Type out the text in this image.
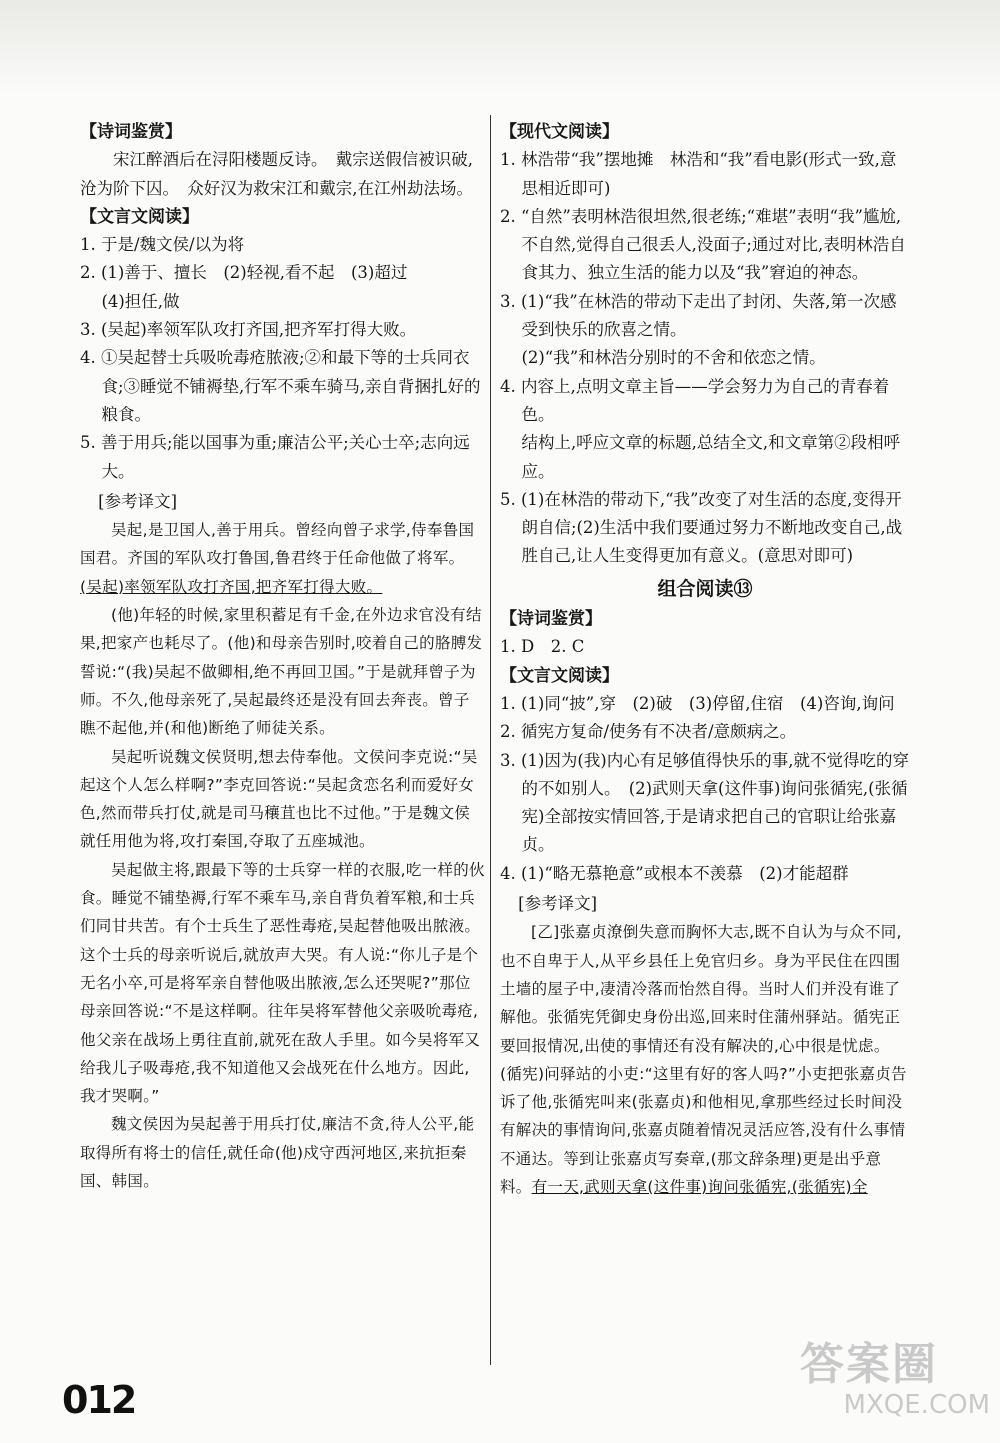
【诗词鉴赏】

宋江醉酒后在浔阳楼题反诗。　戴宗送假信被识破,沧为阶下囚。　众好汉为救宋江和戴宗,在江州劫法场。

【文言文阅读】

1. 于是/魏文侯/以为将

2. (1)善于、擅长　(2)轻视,看不起　(3)超过

(4)担任,做

3. (吴起)率领军队攻打齐国,把齐军打得大败。

4. ①吴起替士兵吸吮毒疮脓液;②和最下等的士兵同衣食;③睡觉不铺褥垫,行军不乘车骑马,亲自背捆扎好的粮食。

5. 善于用兵;能以国事为重;廉洁公平;关心士卒;志向远大。

[参考译文]

吴起,是卫国人,善于用兵。曾经向曾子求学,侍奉鲁国国君。齐国的军队攻打鲁国,鲁君终于任命他做了将军。(吴起)率领军队攻打齐国,把齐军打得大败。

(他)年轻的时候,家里积蓄足有千金,在外边求官没有结果,把家产也耗尽了。(他)和母亲告别时,咬着自己的胳膊发誓说:“(我)吴起不做卿相,绝不再回卫国。”于是就拜曾子为师。不久,他母亲死了,吴起最终还是没有回去奔丧。曾子瞧不起他,并(和他)断绝了师徒关系。

吴起听说魏文侯贤明,想去侍奉他。文侯问李克说:“吴起这个人怎么样啊?”李克回答说:“吴起贪恋名利而爱好女色,然而带兵打仗,就是司马穰苴也比不过他。”于是魏文侯就任用他为将,攻打秦国,夺取了五座城池。

吴起做主将,跟最下等的士兵穿一样的衣服,吃一样的伙食。睡觉不铺垫褥,行军不乘车马,亲自背负着军粮,和士兵们同甘共苦。有个士兵生了恶性毒疮,吴起替他吸出脓液。这个士兵的母亲听说后,就放声大哭。有人说:“你儿子是个无名小卒,可是将军亲自替他吸出脓液,怎么还哭呢?”那位母亲回答说:“不是这样啊。往年吴将军替他父亲吸吮毒疮,他父亲在战场上勇往直前,就死在敌人手里。如今吴将军又给我儿子吸毒疮,我不知道他又会战死在什么地方。因此,我才哭啊。”

魏文侯因为吴起善于用兵打仗,廉洁不贪,待人公平,能取得所有将士的信任,就任命(他)戍守西河地区,来抗拒秦国、韩国。

【现代文阅读】

1. 林浩带“我”摆地摊　林浩和“我”看电影(形式一致,意思相近即可)

2. “自然”表明林浩很坦然,很老练;“难堪”表明“我”尴尬,不自然,觉得自己很丢人,没面子;通过对比,表明林浩自食其力、独立生活的能力以及“我”窘迫的神态。

3. (1)“我”在林浩的带动下走出了封闭、失落,第一次感受到快乐的欣喜之情。

(2)“我”和林浩分别时的不舍和依恋之情。

4. 内容上,点明文章主旨——学会努力为自己的青春着色。

结构上,呼应文章的标题,总结全文,和文章第②段相呼应。

5. (1)在林浩的带动下,“我”改变了对生活的态度,变得开朗自信;(2)生活中我们要通过努力不断地改变自己,战胜自己,让人生变得更加有意义。(意思对即可)

组合阅读⑬

【诗词鉴赏】

1. D　2. C

【文言文阅读】

1. (1)同“披”,穿　(2)破　(3)停留,住宿　(4)咨询,询问

2. 循宪方复命/使务有不决者/意颇病之。

3. (1)因为(我)内心有足够值得快乐的事,就不觉得吃的穿的不如别人。　(2)武则天拿(这件事)询问张循宪,(张循宪)全部按实情回答,于是请求把自己的官职让给张嘉贞。

4. (1)“略无慕艳意”或根本不羡慕　(2)才能超群

[参考译文]

[乙]张嘉贞潦倒失意而胸怀大志,既不自认为与众不同,也不自卑于人,从平乡县任上免官归乡。身为平民住在四围土墙的屋子中,凄清冷落而怡然自得。当时人们并没有谁了解他。张循宪凭御史身份出巡,回来时住蒲州驿站。循宪正要回报情况,出使的事情还有没有解决的,心中很是忧虑。(循宪)问驿站的小吏:“这里有好的客人吗?”小吏把张嘉贞告诉了他,张循宪叫来(张嘉贞)和他相见,拿那些经过长时间没有解决的事情询问,张嘉贞随着情况灵活应答,没有什么事情不通达。等到让张嘉贞写奏章,(那文辞条理)更是出乎意料。有一天,武则天拿(这件事)询问张循宪,(张循宪)全

012
答案圈
MXQE.COM
